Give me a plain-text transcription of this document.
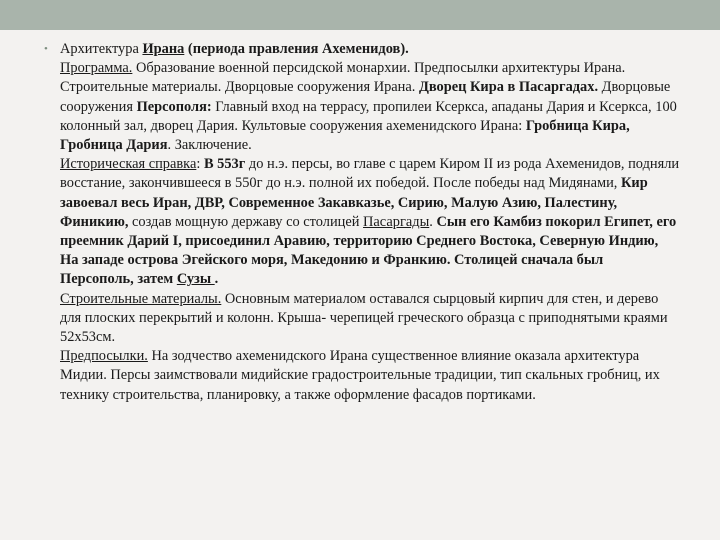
• Архитектура Ирана (периода правления Ахеменидов).

Программа. Образование военной персидской монархии. Предпосылки архитектуры Ирана. Строительные материалы. Дворцовые сооружения Ирана. Дворец Кира в Пасаргадах. Дворцовые сооружения Персополя: Главный вход на террасу, пропилеи Ксеркса, ападаны Дария и Ксеркса, 100 колонный зал, дворец Дария. Культовые сооружения ахеменидского Ирана: Гробница Кира, Гробница Дария. Заключение.

Историческая справка: В 553г до н.э. персы, во главе с царем Киром II из рода Ахеменидов, подняли восстание, закончившееся в 550г до н.э. полной их победой. После победы над Мидянами, Кир завоевал весь Иран, ДВР, Современное Закавказье, Сирию, Малую Азию, Палестину, Финикию, создав мощную державу со столицей Пасаргады. Сын его Камбиз покорил Египет, его преемник Дарий I, присоединил Аравию, территорию Среднего Востока, Северную Индию, На западе острова Эгейского моря, Македонию и Франкию. Столицей сначала был Персополь, затем Сузы .

Строительные материалы. Основным материалом оставался сырцовый кирпич для стен, и дерево для плоских перекрытий и колонн. Крыша- черепицей греческого образца с приподнятыми краями 52х53см.

Предпосылки. На зодчество ахеменидского Ирана существенное влияние оказала архитектура Мидии. Персы заимствовали мидийские градостроительные традиции, тип скальных гробниц, их технику строительства, планировку, а также оформление фасадов портиками.
